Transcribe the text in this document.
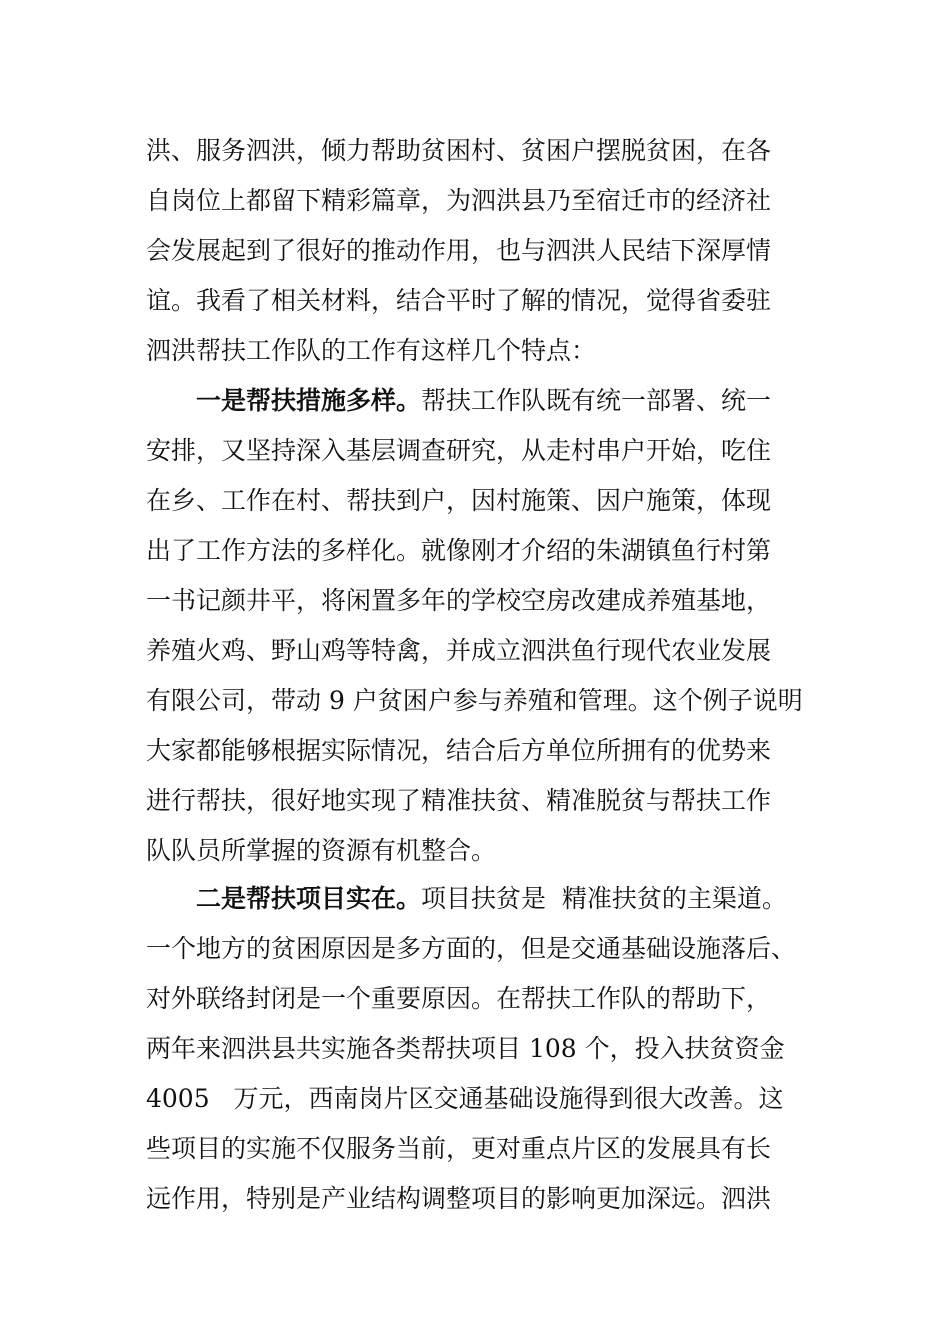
洪、服务泗洪，倾力帮助贫困村、贫困户摆脱贫困，在各
自岗位上都留下精彩篇章，为泗洪县乃至宿迁市的经济社
会发展起到了很好的推动作用，也与泗洪人民结下深厚情
谊。我看了相关材料，结合平时了解的情况，觉得省委驻
泗洪帮扶工作队的工作有这样几个特点：
一是帮扶措施多样。帮扶工作队既有统一部署、统一
安排，又坚持深入基层调查研究，从走村串户开始，吃住
在乡、工作在村、帮扶到户，因村施策、因户施策，体现
出了工作方法的多样化。就像刚才介绍的朱湖镇鱼行村第
一书记颜井平，将闲置多年的学校空房改建成养殖基地，
养殖火鸡、野山鸡等特禽，并成立泗洪鱼行现代农业发展
有限公司，带动 9 户贫困户参与养殖和管理。这个例子说明
大家都能够根据实际情况，结合后方单位所拥有的优势来
进行帮扶，很好地实现了精准扶贫、精准脱贫与帮扶工作
队队员所掌握的资源有机整合。
二是帮扶项目实在。项目扶贫是  精准扶贫的主渠道。
一个地方的贫困原因是多方面的，但是交通基础设施落后、
对外联络封闭是一个重要原因。在帮扶工作队的帮助下，
两年来泗洪县共实施各类帮扶项目 108 个，投入扶贫资金
4005   万元，西南岗片区交通基础设施得到很大改善。这
些项目的实施不仅服务当前，更对重点片区的发展具有长
远作用，特别是产业结构调整项目的影响更加深远。泗洪
